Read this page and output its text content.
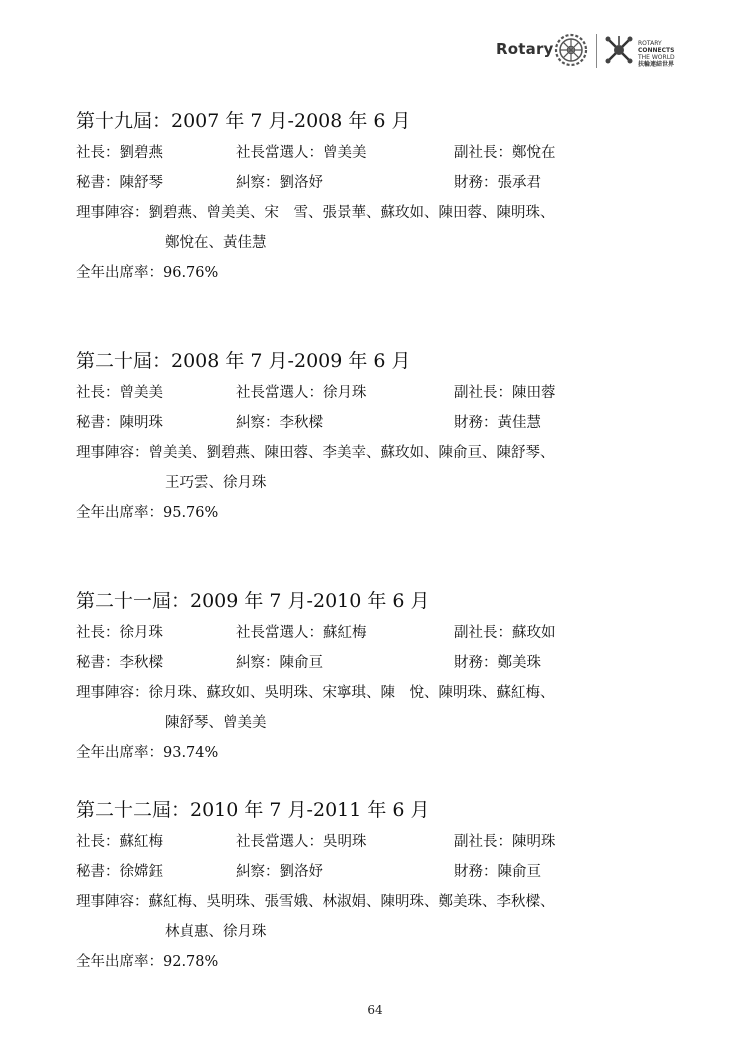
Rotary	ROTARY
CONNECTS
THE WORLD
扶輪連結世界
第十九屆：2007 年 7 月-2008 年 6 月
社長：劉碧燕	社長當選人：曾美美	副社長：鄭悅在
秘書：陳舒琴	糾察：劉洛妤	財務：張承君
理事陣容：劉碧燕、曾美美、宋　雪、張景華、蘇玫如、陳田蓉、陳明珠、
鄭悅在、黃佳慧
全年出席率：96.76%
第二十屆：2008 年 7 月-2009 年 6 月
社長：曾美美	社長當選人：徐月珠	副社長：陳田蓉
秘書：陳明珠	糾察：李秋樑	財務：黃佳慧
理事陣容：曾美美、劉碧燕、陳田蓉、李美幸、蘇玫如、陳俞亘、陳舒琴、
王巧雲、徐月珠
全年出席率：95.76%
第二十一屆：2009 年 7 月-2010 年 6 月
社長：徐月珠	社長當選人：蘇紅梅	副社長：蘇玫如
秘書：李秋樑	糾察：陳俞亘	財務：鄭美珠
理事陣容：徐月珠、蘇玫如、吳明珠、宋寧琪、陳　悅、陳明珠、蘇紅梅、
陳舒琴、曾美美
全年出席率：93.74%
第二十二屆：2010 年 7 月-2011 年 6 月
社長：蘇紅梅	社長當選人：吳明珠	副社長：陳明珠
秘書：徐嫦鈺	糾察：劉洛妤	財務：陳俞亘
理事陣容：蘇紅梅、吳明珠、張雪娥、林淑娟、陳明珠、鄭美珠、李秋樑、
林貞惠、徐月珠
全年出席率：92.78%
64
